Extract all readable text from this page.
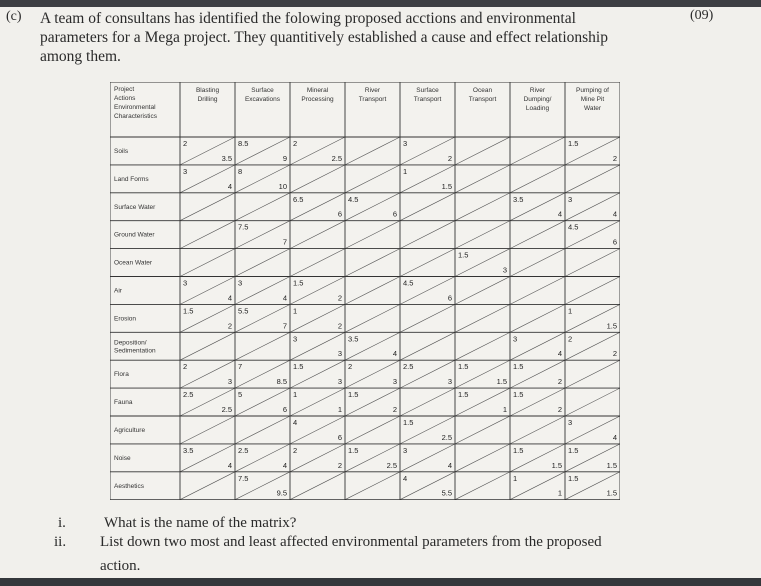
(c)	(09)
A team of consultans has identified the folowing proposed acctions and environmental
parameters for a Mega project. They quantitively established a cause and effect relationship
among them.
Project Actions Environmental Characteristics
Blasting Drilling
Surface Excavations
Mineral Processing
River Transport
Surface Transport
Ocean Transport
River Dumping/ Loading
Pumping of Mine Pit Water
Soils
Land Forms
Surface Water
Ground Water
Ocean Water
Air
Erosion
Deposition/ Sedimentation
Flora
Fauna
Agriculture
Noise
Aesthetics
2
3.5
8.5
9
2
2.5
3
2
1.5
2
3
4
8
10
1
1.5
6.5
6
4.5
6
3.5
4
3
4
7.5
7
4.5
6
1.5
3
3
4
3
4
1.5
2
4.5
6
1.5
2
5.5
7
1
2
1
1.5
3
3
3.5
4
3
4
2
2
2
3
7
8.5
1.5
3
2
3
2.5
3
1.5
1.5
1.5
2
2.5
2.5
5
6
1
1
1.5
2
1.5
1
1.5
2
4
6
1.5
2.5
3
4
3.5
4
2.5
4
2
2
1.5
2.5
3
4
1.5
1.5
1.5
1.5
7.5
9.5
4
5.5
1
1
1.5
1.5
i.	What is the name of the matrix?
ii. List down two most and least affected environmental parameters from the proposed
action.
